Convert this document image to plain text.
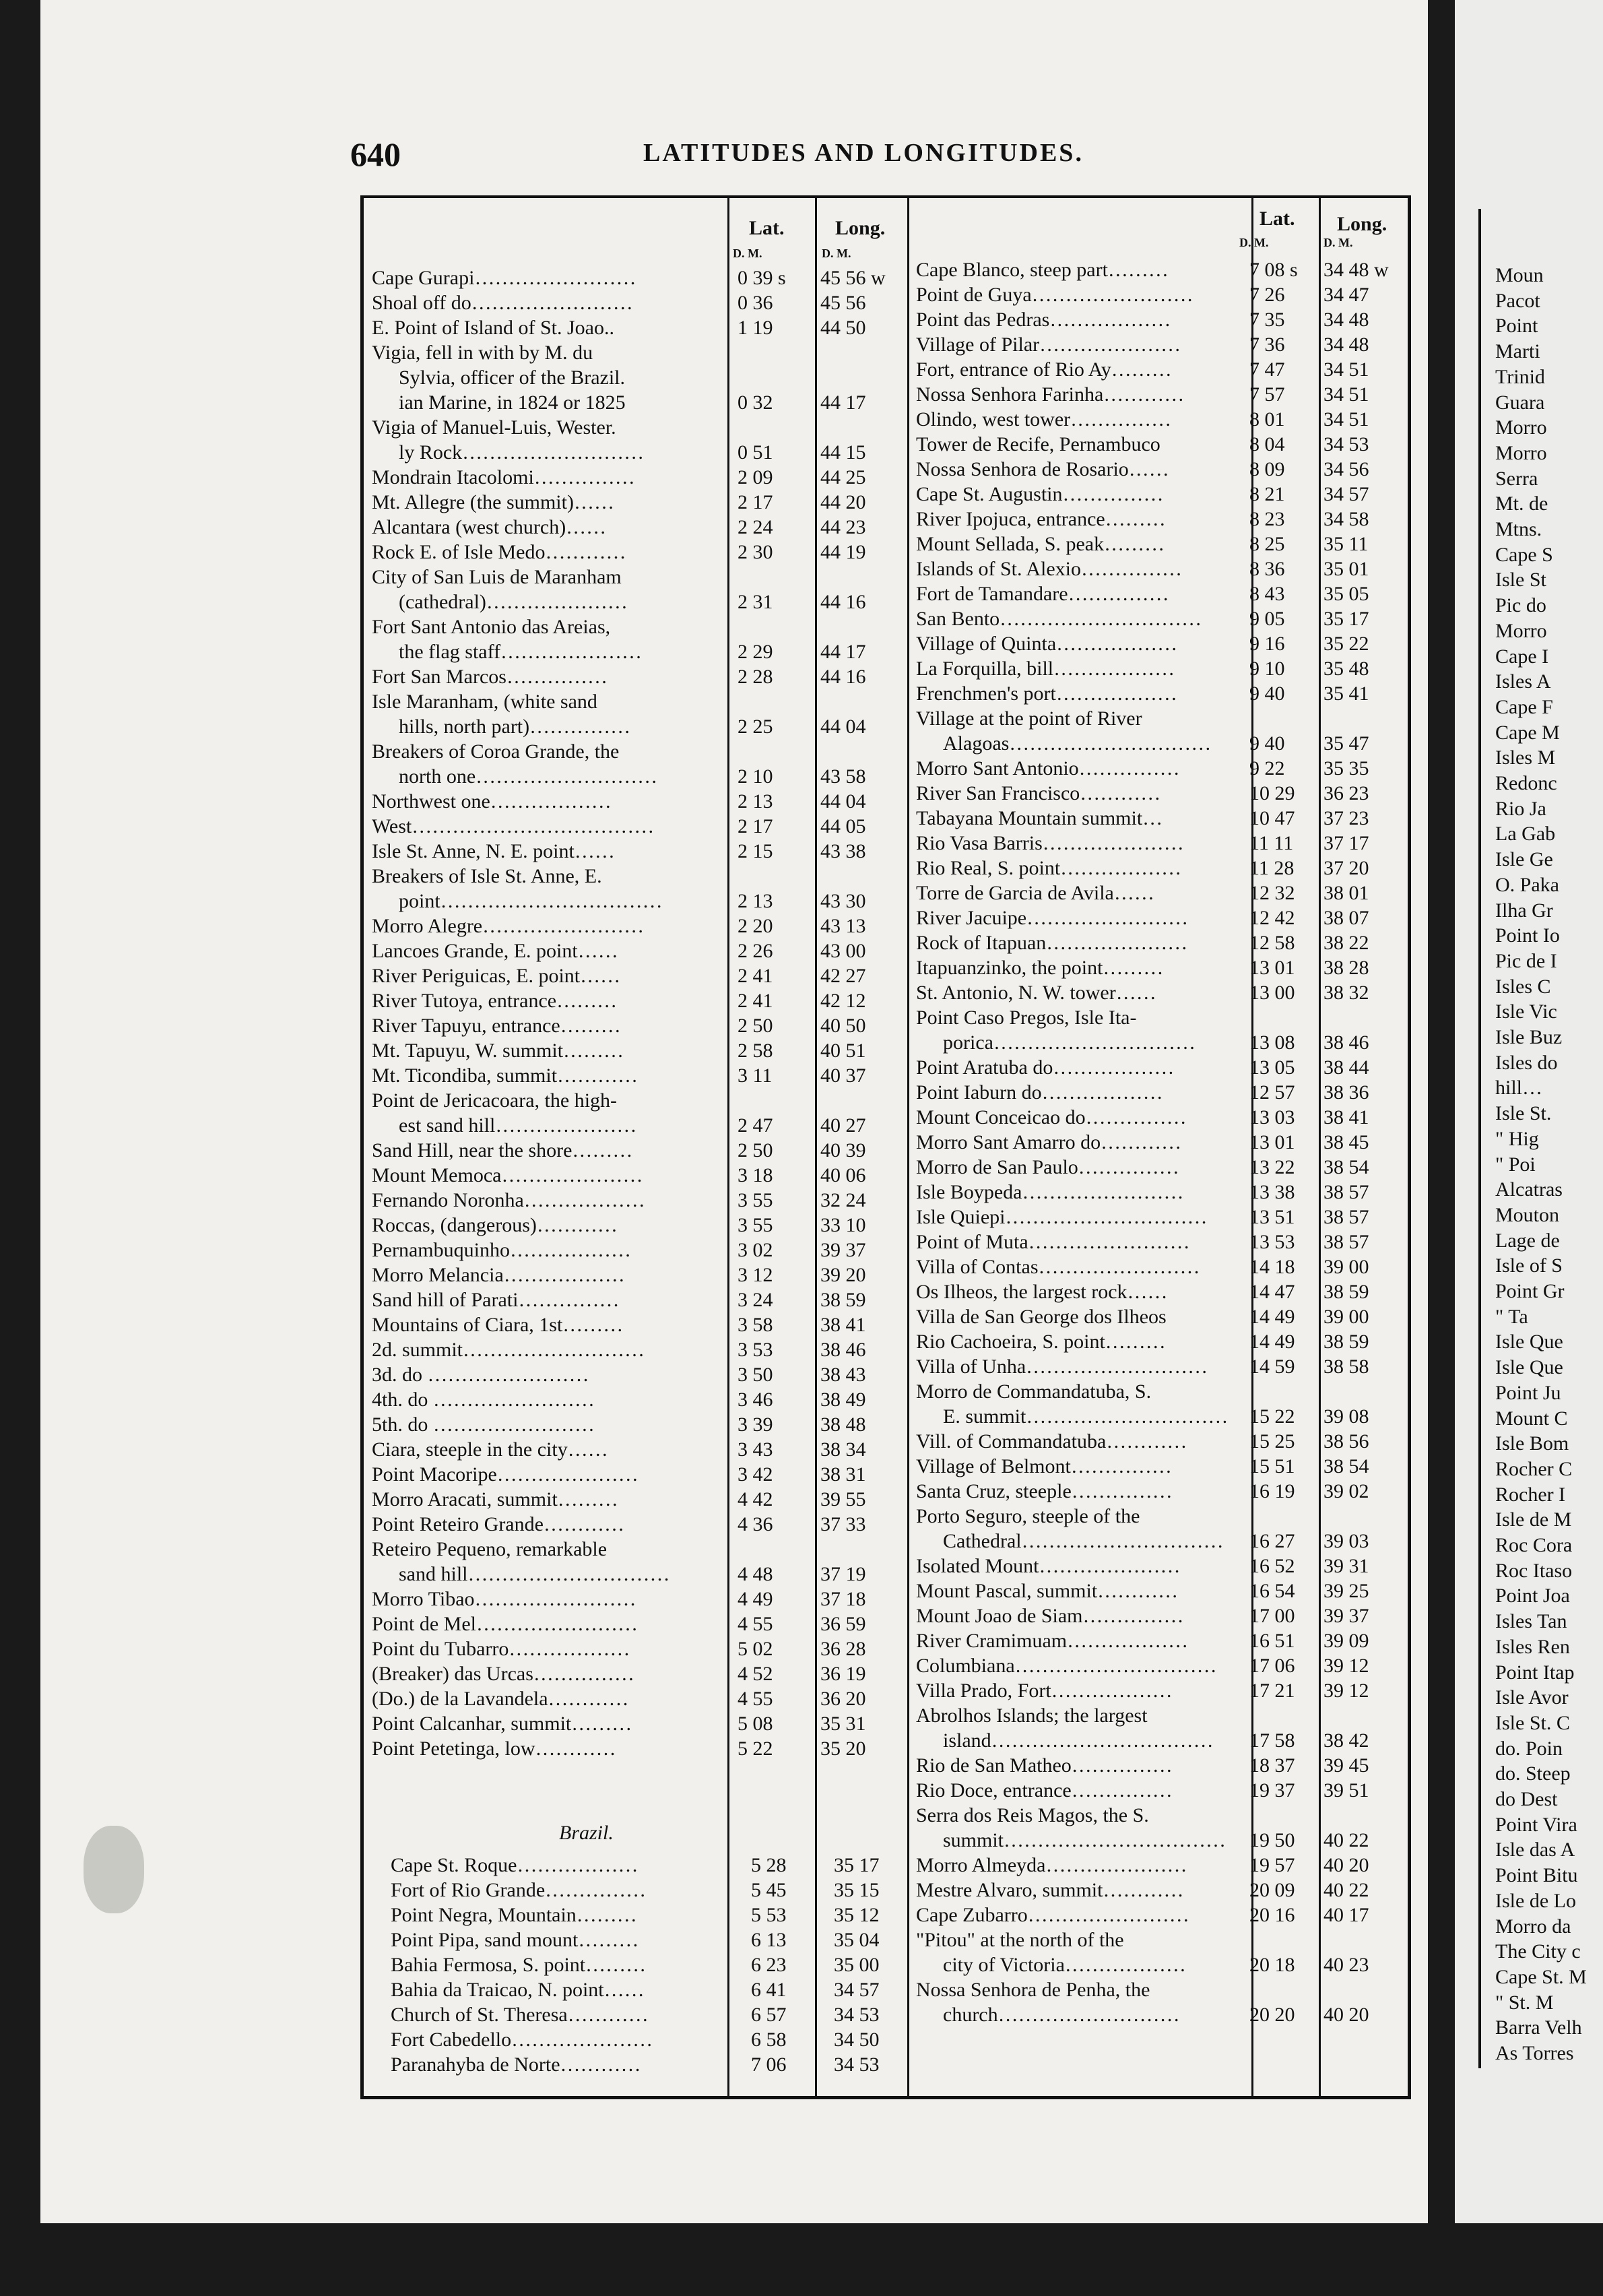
640	LATITUDES AND LONGITUDES.
Lat.	Long.
D. M.	D. M.
Lat. Long.
D. M.	D. M.
Cape Gurapi……………………	0 39 s 45 56 w
Shoal off do……………………	0 36 45 56
E. Point of Island of St. Joao..	1 19 44 50
Vigia, fell in with by M. du
Sylvia, officer of the Brazil.
ian Marine, in 1824 or 1825	0 32 44 17
Vigia of Manuel-Luis, Wester.
ly Rock………………………	0 51 44 15
Mondrain Itacolomi……………	2 09 44 25
Mt. Allegre (the summit)……	2 17 44 20
Alcantara (west church)……	2 24 44 23
Rock E. of Isle Medo…………	2 30 44 19
City of San Luis de Maranham
(cathedral)…………………	2 31 44 16
Fort Sant Antonio das Areias,
the flag staff…………………	2 29 44 17
Fort San Marcos……………	2 28 44 16
Isle Maranham, (white sand
hills, north part)……………	2 25 44 04
Breakers of Coroa Grande, the
north one………………………	2 10 43 58
Northwest one………………	2 13 44 04
West………………………………	2 17 44 05
Isle St. Anne, N. E. point……	2 15 43 38
Breakers of Isle St. Anne, E.
point……………………………	2 13 43 30
Morro Alegre……………………	2 20 43 13
Lancoes Grande, E. point……	2 26 43 00
River Periguicas, E. point……	2 41 42 27
River Tutoya, entrance………	2 41 42 12
River Tapuyu, entrance………	2 50 40 50
Mt. Tapuyu, W. summit………	2 58 40 51
Mt. Ticondiba, summit…………	3 11 40 37
Point de Jericacoara, the high-
est sand hill…………………	2 47 40 27
Sand Hill, near the shore………	2 50 40 39
Mount Memoca…………………	3 18 40 06
Fernando Noronha………………	3 55 32 24
Roccas, (dangerous)…………	3 55 33 10
Pernambuquinho………………	3 02 39 37
Morro Melancia………………	3 12 39 20
Sand hill of Parati……………	3 24 38 59
Mountains of Ciara, 1st………	3 58 38 41
2d. summit………………………	3 53 38 46
3d. do ……………………	3 50 38 43
4th. do ……………………	3 46 38 49
5th. do ……………………	3 39 38 48
Ciara, steeple in the city……	3 43 38 34
Point Macoripe…………………	3 42 38 31
Morro Aracati, summit………	4 42 39 55
Point Reteiro Grande…………	4 36 37 33
Reteiro Pequeno, remarkable
sand hill…………………………	4 48 37 19
Morro Tibao……………………	4 49 37 18
Point de Mel……………………	4 55 36 59
Point du Tubarro………………	5 02 36 28
(Breaker) das Urcas……………	4 52 36 19
(Do.) de la Lavandela…………	4 55 36 20
Point Calcanhar, summit………	5 08 35 31
Point Petetinga, low…………	5 22 35 20
Cape St. Roque………………	5 28 35 17
Fort of Rio Grande……………	5 45 35 15
Point Negra, Mountain………	5 53 35 12
Point Pipa, sand mount………	6 13 35 04
Bahia Fermosa, S. point………	6 23 35 00
Bahia da Traicao, N. point……	6 41 34 57
Church of St. Theresa…………	6 57 34 53
Fort Cabedello…………………	6 58 34 50
Paranahyba de Norte…………	7 06 34 53
Cape Blanco, steep part………	7 08 s 34 48 w
Point de Guya……………………	7 26 34 47
Point das Pedras………………	7 35 34 48
Village of Pilar…………………	7 36 34 48
Fort, entrance of Rio Ay………	7 47 34 51
Nossa Senhora Farinha…………	7 57 34 51
Olindo, west tower……………	8 01 34 51
Tower de Recife, Pernambuco	8 04 34 53
Nossa Senhora de Rosario……	8 09 34 56
Cape St. Augustin……………	8 21 34 57
River Ipojuca, entrance………	8 23 34 58
Mount Sellada, S. peak………	8 25 35 11
Islands of St. Alexio……………	8 36 35 01
Fort de Tamandare……………	8 43 35 05
San Bento…………………………	9 05 35 17
Village of Quinta………………	9 16 35 22
La Forquilla, bill………………	9 10 35 48
Frenchmen's port………………	9 40 35 41
Village at the point of River
Alagoas…………………………	9 40 35 47
Morro Sant Antonio……………	9 22 35 35
River San Francisco…………	10 29 36 23
Tabayana Mountain summit…	10 47 37 23
Rio Vasa Barris…………………	11 11 37 17
Rio Real, S. point………………	11 28 37 20
Torre de Garcia de Avila……	12 32 38 01
River Jacuipe……………………	12 42 38 07
Rock of Itapuan…………………	12 58 38 22
Itapuanzinko, the point………	13 01 38 28
St. Antonio, N. W. tower……	13 00 38 32
Point Caso Pregos, Isle Ita-
porica…………………………	13 08 38 46
Point Aratuba do………………	13 05 38 44
Point Iaburn do………………	12 57 38 36
Mount Conceicao do……………	13 03 38 41
Morro Sant Amarro do…………	13 01 38 45
Morro de San Paulo……………	13 22 38 54
Isle Boypeda……………………	13 38 38 57
Isle Quiepi…………………………	13 51 38 57
Point of Muta……………………	13 53 38 57
Villa of Contas……………………	14 18 39 00
Os Ilheos, the largest rock……	14 47 38 59
Villa de San George dos Ilheos	14 49 39 00
Rio Cachoeira, S. point………	14 49 38 59
Villa of Unha………………………	14 59 38 58
Morro de Commandatuba, S.
E. summit…………………………	15 22 39 08
Vill. of Commandatuba…………	15 25 38 56
Village of Belmont……………	15 51 38 54
Santa Cruz, steeple……………	16 19 39 02
Porto Seguro, steeple of the
Cathedral…………………………	16 27 39 03
Isolated Mount…………………	16 52 39 31
Mount Pascal, summit…………	16 54 39 25
Mount Joao de Siam……………	17 00 39 37
River Cramimuam………………	16 51 39 09
Columbiana…………………………	17 06 39 12
Villa Prado, Fort………………	17 21 39 12
Abrolhos Islands; the largest
island……………………………	17 58 38 42
Rio de San Matheo……………	18 37 39 45
Rio Doce, entrance……………	19 37 39 51
Serra dos Reis Magos, the S.
summit……………………………	19 50 40 22
Morro Almeyda…………………	19 57 40 20
Mestre Alvaro, summit…………	20 09 40 22
Cape Zubarro……………………	20 16 40 17
"Pitou" at the north of the
city of Victoria………………	20 18 40 23
Nossa Senhora de Penha, the
church………………………	20 20 40 20
Brazil.
Moun
Pacot
Point
Marti
Trinid
Guara
Morro
Morro
Serra
Mt. de
Mtns.
Cape S
Isle St
Pic do
Morro
Cape I
Isles A
Cape F
Cape M
Isles M
Redonc
Rio Ja
La Gab
Isle Ge
O. Paka
Ilha Gr
Point Io
Pic de I
Isles C
Isle Vic
Isle Buz
Isles do
hill…
Isle St.
" Hig
" Poi
Alcatras
Mouton
Lage de
Isle of S
Point Gr
" Ta
Isle Que
Isle Que
Point Ju
Mount C
Isle Bom
Rocher C
Rocher I
Isle de M
Roc Cora
Roc Itaso
Point Joa
Isles Tan
Isles Ren
Point Itap
Isle Avor
Isle St. C
do. Poin
do. Steep
do Dest
Point Vira
Isle das A
Point Bitu
Isle de Lo
Morro da
The City c
Cape St. M
" St. M
Barra Velh
As Torres
